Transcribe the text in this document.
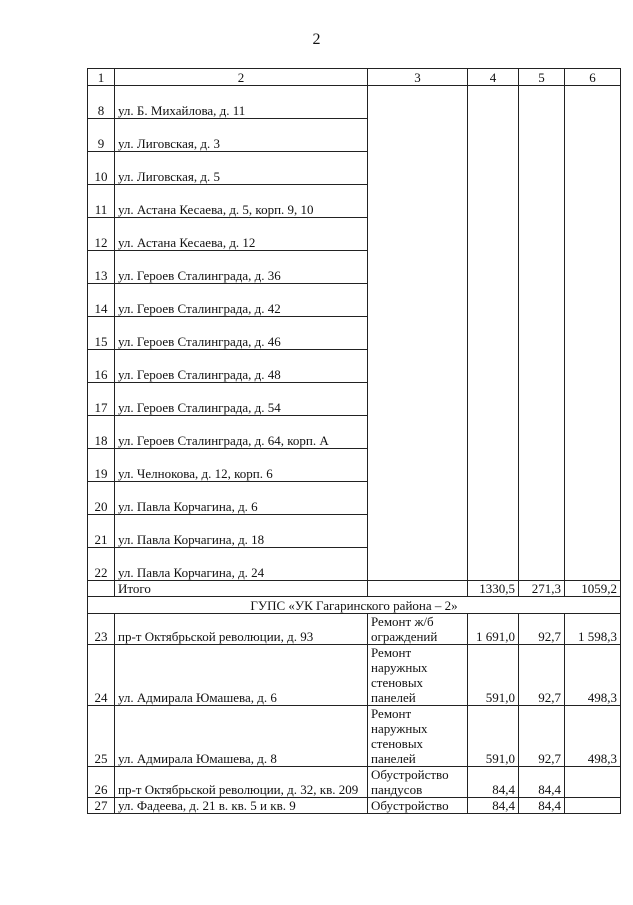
2
1	2	3	4	5	6
8	ул. Б. Михайлова, д. 11				
9	ул. Лиговская, д. 3				
10	ул. Лиговская, д. 5				
11	ул. Астана Кесаева, д. 5, корп. 9, 10				
12	ул. Астана Кесаева, д. 12				
13	ул. Героев Сталинграда, д. 36				
14	ул. Героев Сталинграда, д. 42				
15	ул. Героев Сталинграда, д. 46				
16	ул. Героев Сталинграда, д. 48				
17	ул. Героев Сталинграда, д. 54				
18	ул. Героев Сталинграда, д. 64, корп. А				
19	ул. Челнокова, д. 12, корп. 6				
20	ул. Павла Корчагина, д. 6				
21	ул. Павла Корчагина, д. 18				
22	ул. Павла Корчагина, д. 24				
	Итого		1330,5	271,3	1059,2
ГУПС «УК Гагаринского района – 2»					
23	пр-т Октябрьской революции, д. 93	Ремонт ж/б
ограждений	1 691,0	92,7	1 598,3
24	ул. Адмирала Юмашева, д. 6	Ремонт
наружных
стеновых
панелей	591,0	92,7	498,3
25	ул. Адмирала Юмашева, д. 8	Ремонт
наружных
стеновых
панелей	591,0	92,7	498,3
26	пр-т Октябрьской революции, д. 32, кв. 209	Обустройство
пандусов	84,4	84,4	
27	ул. Фадеева, д. 21 в. кв. 5 и кв. 9	Обустройство	84,4	84,4	
